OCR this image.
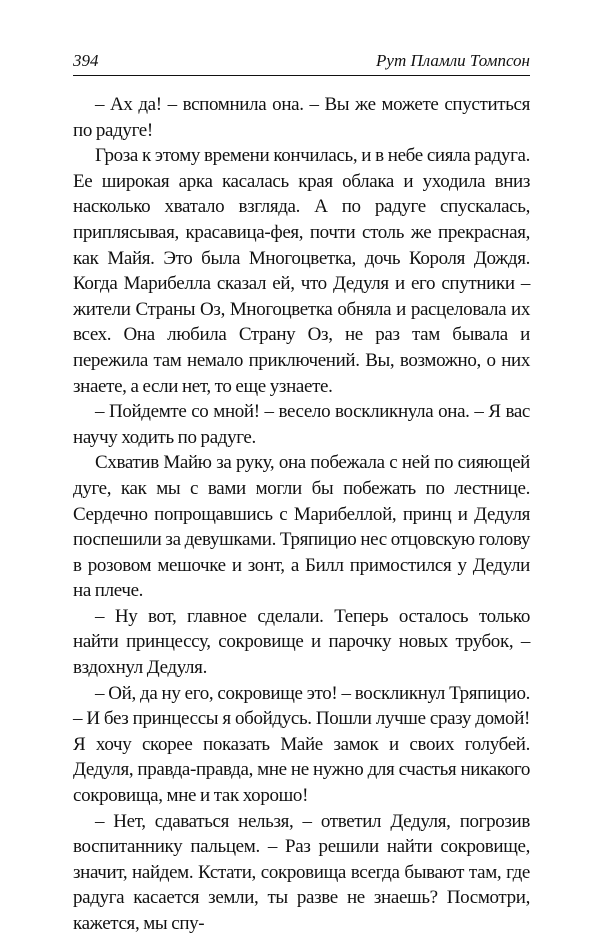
394	Рут Пламли Томпсон

– Ах да! – вспомнила она. – Вы же можете спуститься по радуге!

Гроза к этому времени кончилась, и в небе сияла радуга. Ее широкая арка касалась края облака и уходила вниз насколько хватало взгляда. А по радуге спускалась, приплясывая, красавица-фея, почти столь же прекрасная, как Майя. Это была Многоцветка, дочь Короля Дождя. Когда Марибелла сказал ей, что Дедуля и его спутники – жители Страны Оз, Многоцветка обняла и расцеловала их всех. Она любила Страну Оз, не раз там бывала и пережила там немало приключений. Вы, возможно, о них знаете, а если нет, то еще узнаете.

– Пойдемте со мной! – весело воскликнула она. – Я вас научу ходить по радуге.

Схватив Майю за руку, она побежала с ней по сияющей дуге, как мы с вами могли бы побежать по лестнице. Сердечно попрощавшись с Марибеллой, принц и Дедуля поспешили за девушками. Тряпицио нес отцовскую голову в розовом мешочке и зонт, а Билл примостился у Дедули на плече.

– Ну вот, главное сделали. Теперь осталось только найти принцессу, сокровище и парочку новых трубок, – вздохнул Дедуля.

– Ой, да ну его, сокровище это! – воскликнул Тряпицио. – И без принцессы я обойдусь. Пошли лучше сразу домой! Я хочу скорее показать Майе замок и своих голубей. Дедуля, правда-правда, мне не нужно для счастья никакого сокровища, мне и так хорошо!

– Нет, сдаваться нельзя, – ответил Дедуля, погрозив воспитаннику пальцем. – Раз решили найти сокровище, значит, найдем. Кстати, сокровища всегда бывают там, где радуга касается земли, ты разве не знаешь? Посмотри, кажется, мы спу-
